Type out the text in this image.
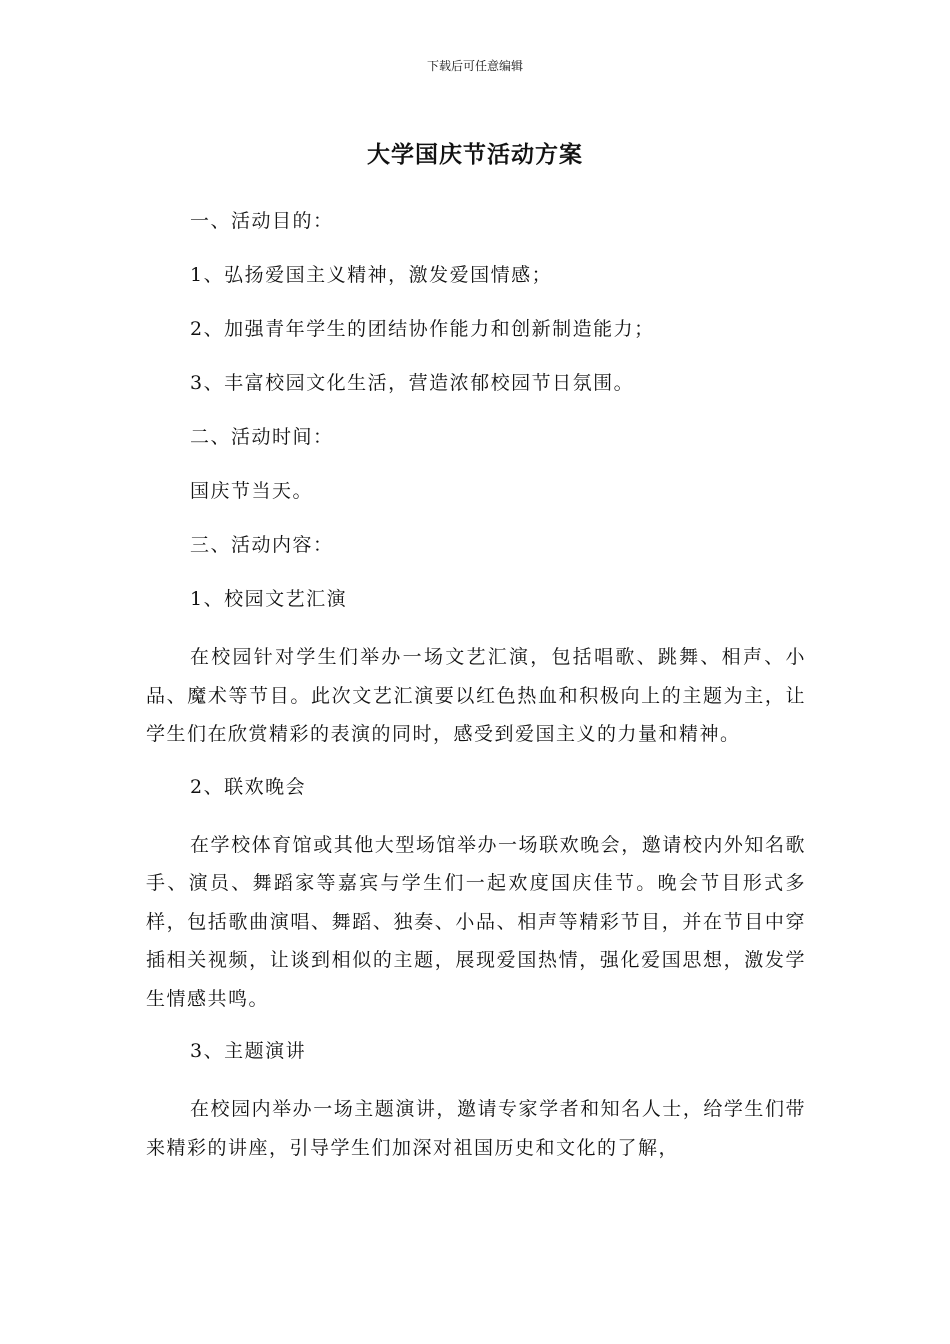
下载后可任意编辑
大学国庆节活动方案
一、活动目的：
1、弘扬爱国主义精神，激发爱国情感；
2、加强青年学生的团结协作能力和创新制造能力；
3、丰富校园文化生活，营造浓郁校园节日氛围。
二、活动时间：
国庆节当天。
三、活动内容：
1、校园文艺汇演

在校园针对学生们举办一场文艺汇演，包括唱歌、跳舞、相声、小品、魔术等节目。此次文艺汇演要以红色热血和积极向上的主题为主，让学生们在欣赏精彩的表演的同时，感受到爱国主义的力量和精神。

2、联欢晚会

在学校体育馆或其他大型场馆举办一场联欢晚会，邀请校内外知名歌手、演员、舞蹈家等嘉宾与学生们一起欢度国庆佳节。晚会节目形式多样，包括歌曲演唱、舞蹈、独奏、小品、相声等精彩节目，并在节目中穿插相关视频，让谈到相似的主题，展现爱国热情，强化爱国思想，激发学生情感共鸣。

3、主题演讲

在校园内举办一场主题演讲，邀请专家学者和知名人士，给学生们带来精彩的讲座，引导学生们加深对祖国历史和文化的了解，
